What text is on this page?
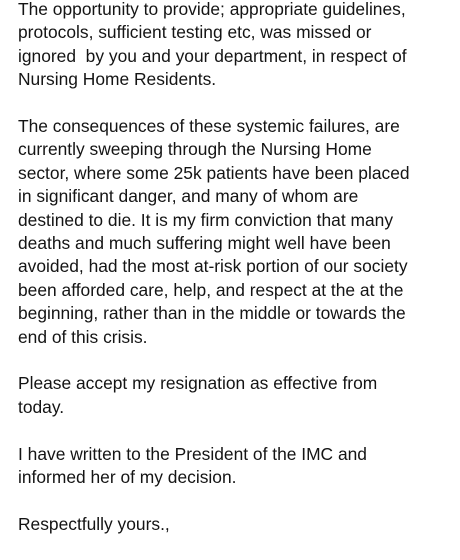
The opportunity to provide; appropriate guidelines,
protocols, sufficient testing etc, was missed or
ignored  by you and your department, in respect of
Nursing Home Residents.

The consequences of these systemic failures, are
currently sweeping through the Nursing Home
sector, where some 25k patients have been placed
in significant danger, and many of whom are
destined to die. It is my firm conviction that many
deaths and much suffering might well have been
avoided, had the most at-risk portion of our society
been afforded care, help, and respect at the at the
beginning, rather than in the middle or towards the
end of this crisis.

Please accept my resignation as effective from
today.

I have written to the President of the IMC and
informed her of my decision.

Respectfully yours.,
